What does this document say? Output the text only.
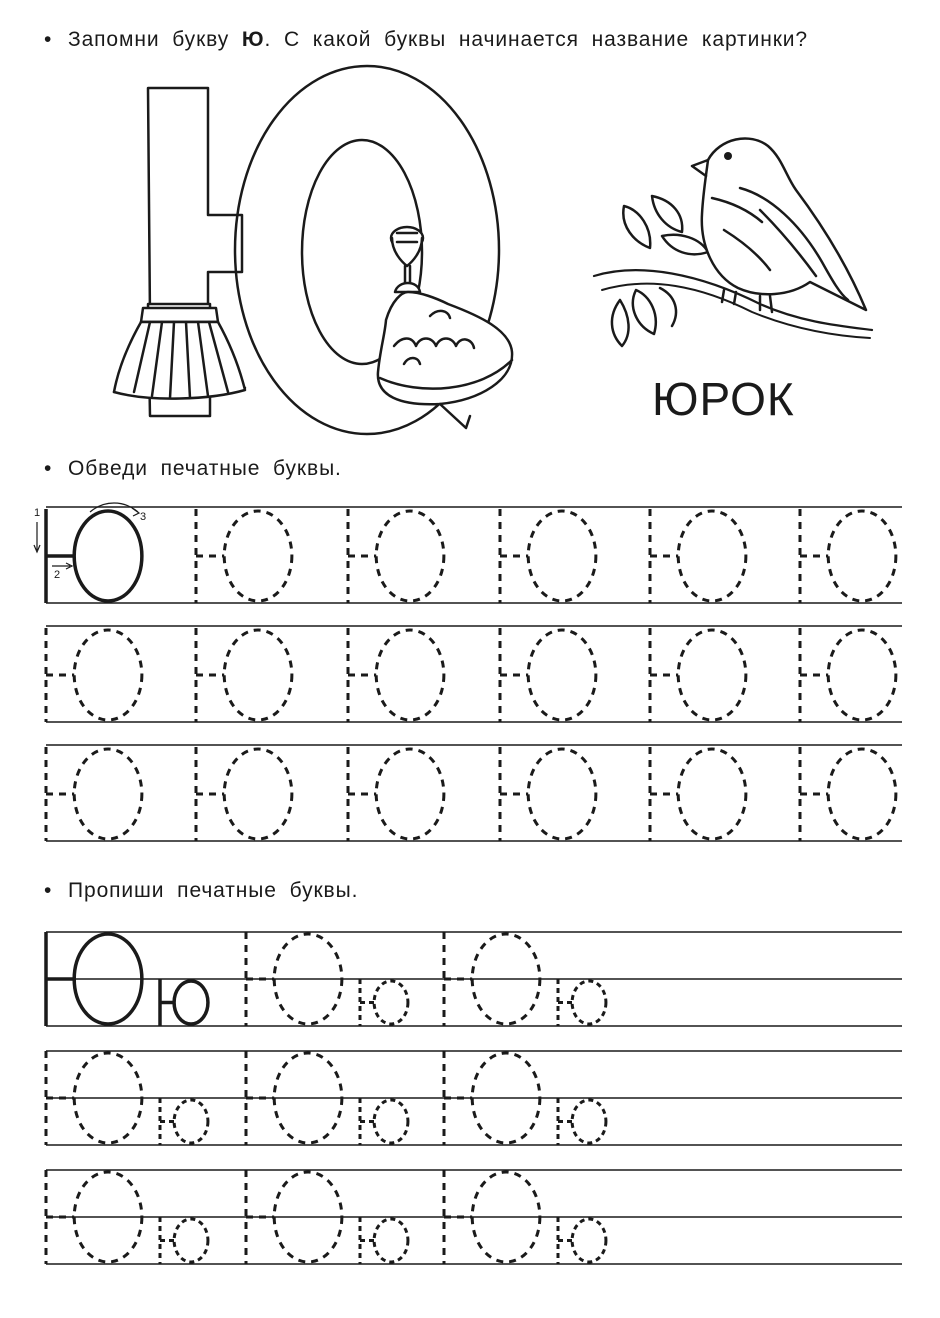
• Запомни букву Ю. С какой буквы начинается название картинки?
• Обведи печатные буквы.
• Пропиши печатные буквы.
ЮРОК
1
2
3
